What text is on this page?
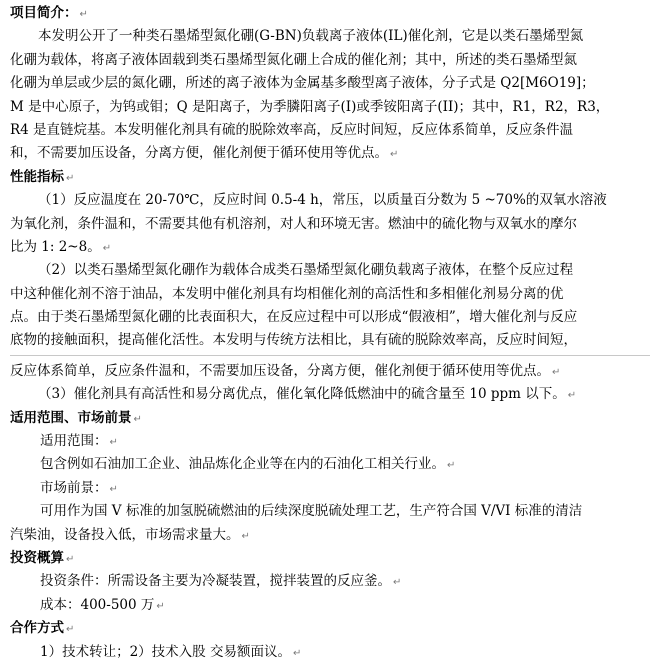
项目简介： ↵
本发明公开了一种类石墨烯型氮化硼(G-BN)负载离子液体(IL)催化剂，它是以类石墨烯型氮
化硼为载体，将离子液体固载到类石墨烯型氮化硼上合成的催化剂；其中，所述的类石墨烯型氮
化硼为单层或少层的氮化硼，所述的离子液体为金属基多酸型离子液体，分子式是 Q2[M6O19]；
M 是中心原子，为钨或钼；Q 是阳离子，为季膦阳离子(I)或季铵阳离子(II)；其中，R1，R2，R3，
R4 是直链烷基。本发明催化剂具有硫的脱除效率高，反应时间短，反应体系简单，反应条件温
和，不需要加压设备，分离方便，催化剂便于循环使用等优点。 ↵
性能指标 ↵
（1）反应温度在 20-70℃，反应时间 0.5-4 h，常压，以质量百分数为 5 ~70%的双氧水溶液
为氧化剂，条件温和，不需要其他有机溶剂，对人和环境无害。燃油中的硫化物与双氧水的摩尔
比为 1: 2~8。 ↵
（2）以类石墨烯型氮化硼作为载体合成类石墨烯型氮化硼负载离子液体，在整个反应过程
中这种催化剂不溶于油品，本发明中催化剂具有均相催化剂的高活性和多相催化剂易分离的优
点。由于类石墨烯型氮化硼的比表面积大，在反应过程中可以形成“假液相”，增大催化剂与反应
底物的接触面积，提高催化活性。本发明与传统方法相比，具有硫的脱除效率高，反应时间短，
反应体系简单，反应条件温和，不需要加压设备，分离方便，催化剂便于循环使用等优点。 ↵
（3）催化剂具有高活性和易分离优点，催化氧化降低燃油中的硫含量至 10 ppm 以下。 ↵
适用范围、市场前景 ↵
适用范围： ↵
包含例如石油加工企业、油品炼化企业等在内的石油化工相关行业。 ↵
市场前景： ↵
可用作为国 V 标准的加氢脱硫燃油的后续深度脱硫处理工艺，生产符合国 V/VI 标准的清洁
汽柴油，设备投入低，市场需求量大。 ↵
投资概算 ↵
投资条件：所需设备主要为冷凝装置，搅拌装置的反应釜。 ↵
成本：400-500 万 ↵
合作方式 ↵
1）技术转让；2）技术入股 交易额面议。 ↵
